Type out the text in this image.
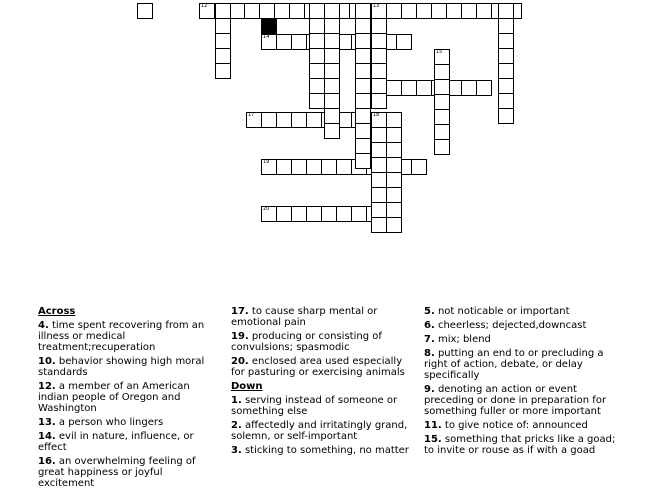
12	13
14
17
19
20
15
18
Across
4. time spent recovering from an illness or medical treatment;recuperation
10. behavior showing high moral standards
12. a member of an American indian people of Oregon and Washington
13. a person who lingers
14. evil in nature, influence, or effect
16. an overwhelming feeling of great happiness or joyful excitement
17. to cause sharp mental or emotional pain
19. producing or consisting of convulsions; spasmodic
20. enclosed area used especially for pasturing or exercising animals
Down
1. serving instead of someone or something else
2. affectedly and irritatingly grand, solemn, or self-important
3. sticking to something, no matter
5. not noticable or important
6. cheerless; dejected,downcast
7. mix; blend
8. putting an end to or precluding a right of action, debate, or delay specifically
9. denoting an action or event preceding or done in preparation for something fuller or more important
11. to give notice of: announced
15. something that pricks like a goad; to invite or rouse as if with a goad
